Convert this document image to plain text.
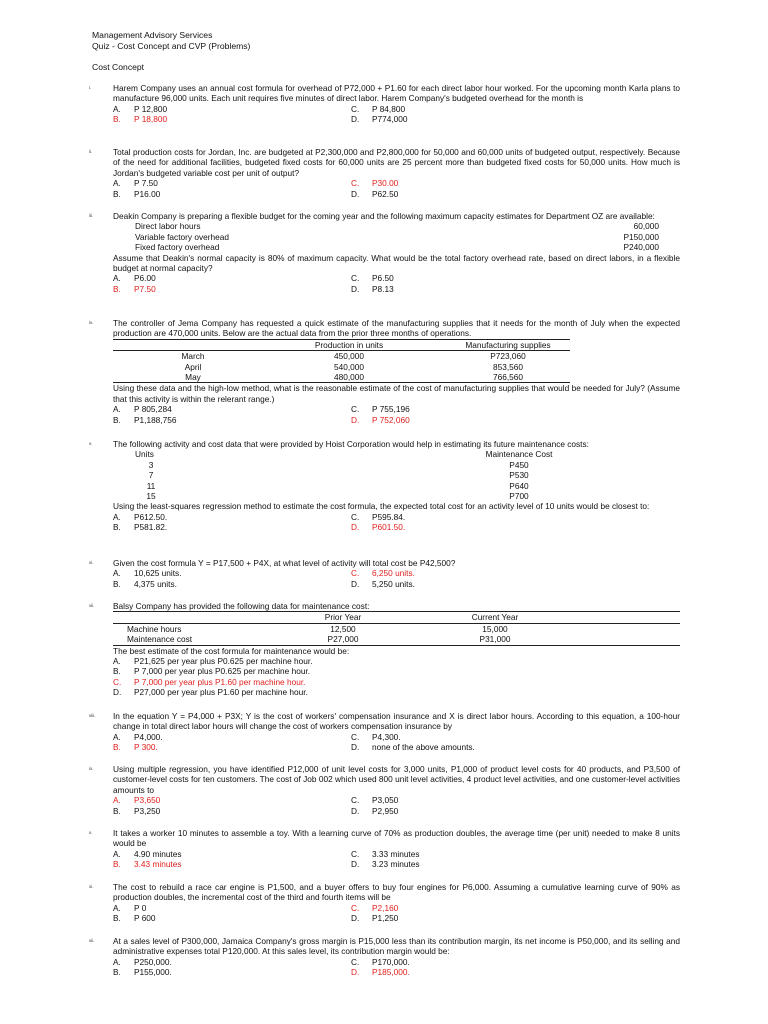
Management Advisory Services
Quiz - Cost Concept and CVP (Problems)
Cost Concept
i.	Harem Company uses an annual cost formula for overhead of P72,000 + P1.60 for each direct labor hour worked. For the upcoming month Karla plans to manufacture 96,000 units. Each unit requires five minutes of direct labor. Harem Company's budgeted overhead for the month is
A. P 12,800	C. P 84,800
B. P 18,800	D. P774,000
ii.	Total production costs for Jordan, Inc. are budgeted at P2,300,000 and P2,800,000 for 50,000 and 60,000 units of budgeted output, respectively. Because of the need for additional facilities, budgeted fixed costs for 60,000 units are 25 percent more than budgeted fixed costs for 50,000 units. How much is Jordan's budgeted variable cost per unit of output?
A. P 7.50	C. P30.00
B. P16.00	D. P62.50
iii. Deakin Company is preparing a flexible budget for the coming year and the following maximum capacity estimates for Department OZ are available:
Direct labor hours	60,000
Variable factory overhead	P150,000
Fixed factory overhead	P240,000
Assume that Deakin's normal capacity is 80% of maximum capacity. What would be the total factory overhead rate, based on direct labors, in a flexible budget at normal capacity?
A. P6.00	C. P6.50
B. P7.50	D. P8.13
iv. The controller of Jema Company has requested a quick estimate of the manufacturing supplies that it needs for the month of July when the expected production are 470,000 units. Below are the actual data from the prior three months of operations.
Production in units	Manufacturing supplies
March	450,000	P723,060
April	540,000	853,560
May	480,000	766,560
Using these data and the high-low method, what is the reasonable estimate of the cost of manufacturing supplies that would be needed for July? (Assume that this activity is within the relerant range.)
A. P 805,284	C. P 755,196
B. P1,188,756	D. P 752,060
v.	The following activity and cost data that were provided by Hoist Corporation would help in estimating its future maintenance costs:
Units	Maintenance Cost
3	P450
7	P530
11	P640
15	P700
Using the least-squares regression method to estimate the cost formula, the expected total cost for an activity level of 10 units would be closest to:
A. P612.50.	C. P595.84.
B. P581.82.	D. P601.50.
vi. Given the cost formula Y = P17,500 + P4X, at what level of activity will total cost be P42,500?
A. 10,625 units.	C. 6,250 units.
B. 4,375 units.	D. 5,250 units.
vii. Balsy Company has provided the following data for maintenance cost:
Prior Year	Current Year
Machine hours	12,500	15,000
Maintenance cost	P27,000	P31,000
The best estimate of the cost formula for maintenance would be:
A. P21,625 per year plus P0.625 per machine hour.
B. P 7,000 per year plus P0.625 per machine hour.
C. P 7,000 per year plus P1.60 per machine hour.
D. P27,000 per year plus P1.60 per machine hour.
viii. In the equation Y = P4,000 + P3X; Y is the cost of workers' compensation insurance and X is direct labor hours. According to this equation, a 100-hour change in total direct labor hours will change the cost of workers compensation insurance by
A. P4,000.	C. P4,300.
B. P 300.	D. none of the above amounts.
ix. Using multiple regression, you have identified P12,000 of unit level costs for 3,000 units, P1,000 of product level costs for 40 products, and P3,500 of customer-level costs for ten customers. The cost of Job 002 which used 800 unit level activities, 4 product level activities, and one customer-level activities amounts to
A. P3,650	C. P3,050
B. P3,250	D. P2,950
x. It takes a worker 10 minutes to assemble a toy. With a learning curve of 70% as production doubles, the average time (per unit) needed to make 8 units would be
A. 4.90 minutes	C. 3.33 minutes
B. 3.43 minutes	D. 3.23 minutes
xi. The cost to rebuild a race car engine is P1,500, and a buyer offers to buy four engines for P6,000. Assuming a cumulative learning curve of 90% as production doubles, the incremental cost of the third and fourth items will be
A. P 0	C. P2,160
B. P 600	D. P1,250
xii. At a sales level of P300,000, Jamaica Company's gross margin is P15,000 less than its contribution margin, its net income is P50,000, and its selling and administrative expenses total P120,000. At this sales level, its contribution margin would be:
A. P250,000.	C. P170,000.
B. P155,000.	D. P185,000.
